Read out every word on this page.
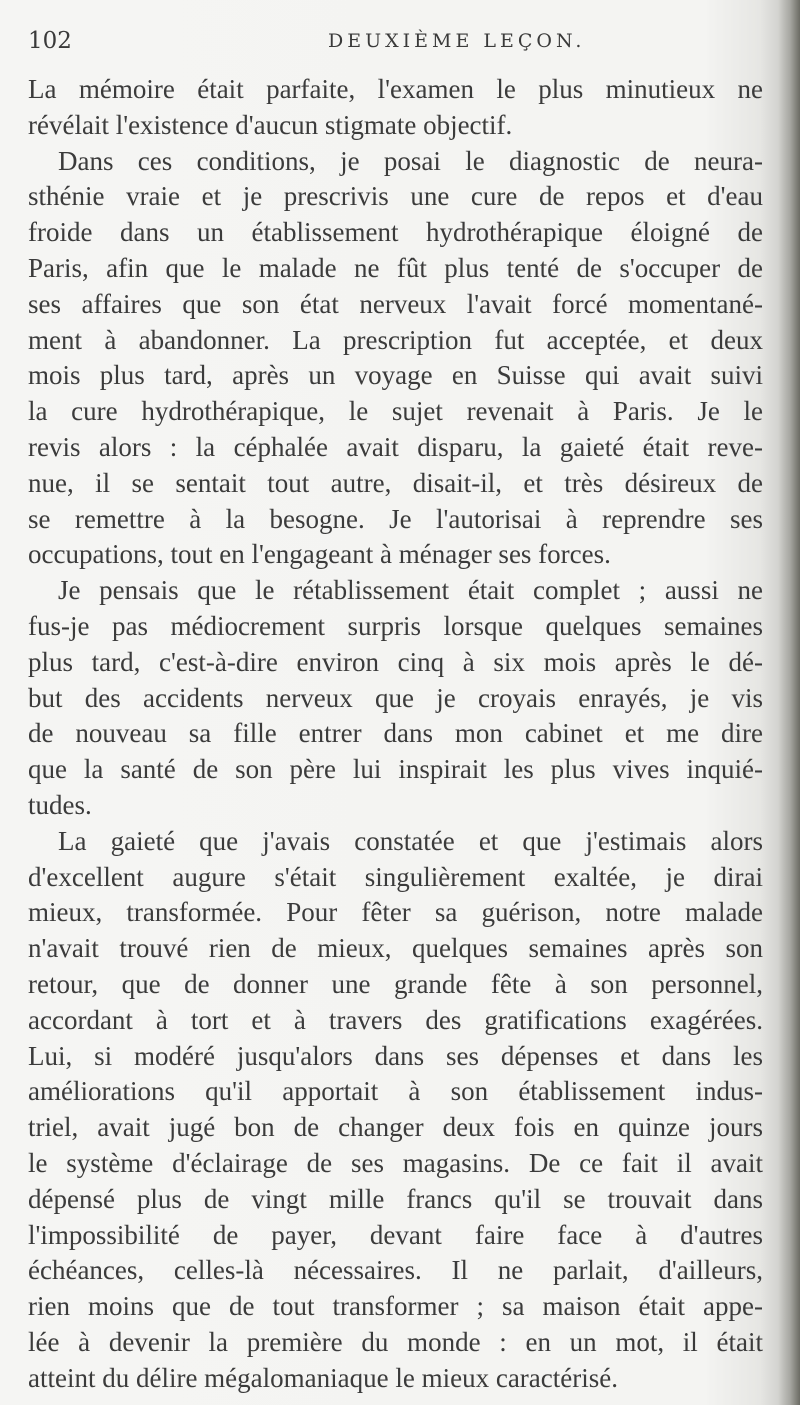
102	DEUXIÈME LEÇON.
La mémoire était parfaite, l'examen le plus minutieux ne
révélait l'existence d'aucun stigmate objectif.
Dans ces conditions, je posai le diagnostic de neura-
sthénie vraie et je prescrivis une cure de repos et d'eau
froide dans un établissement hydrothérapique éloigné de
Paris, afin que le malade ne fût plus tenté de s'occuper de
ses affaires que son état nerveux l'avait forcé momentané-
ment à abandonner. La prescription fut acceptée, et deux
mois plus tard, après un voyage en Suisse qui avait suivi
la cure hydrothérapique, le sujet revenait à Paris. Je le
revis alors : la céphalée avait disparu, la gaieté était reve-
nue, il se sentait tout autre, disait-il, et très désireux de
se remettre à la besogne. Je l'autorisai à reprendre ses
occupations, tout en l'engageant à ménager ses forces.
Je pensais que le rétablissement était complet ; aussi ne
fus-je pas médiocrement surpris lorsque quelques semaines
plus tard, c'est-à-dire environ cinq à six mois après le dé-
but des accidents nerveux que je croyais enrayés, je vis
de nouveau sa fille entrer dans mon cabinet et me dire
que la santé de son père lui inspirait les plus vives inquié-
tudes.
La gaieté que j'avais constatée et que j'estimais alors
d'excellent augure s'était singulièrement exaltée, je dirai
mieux, transformée. Pour fêter sa guérison, notre malade
n'avait trouvé rien de mieux, quelques semaines après son
retour, que de donner une grande fête à son personnel,
accordant à tort et à travers des gratifications exagérées.
Lui, si modéré jusqu'alors dans ses dépenses et dans les
améliorations qu'il apportait à son établissement indus-
triel, avait jugé bon de changer deux fois en quinze jours
le système d'éclairage de ses magasins. De ce fait il avait
dépensé plus de vingt mille francs qu'il se trouvait dans
l'impossibilité de payer, devant faire face à d'autres
échéances, celles-là nécessaires. Il ne parlait, d'ailleurs,
rien moins que de tout transformer ; sa maison était appe-
lée à devenir la première du monde : en un mot, il était
atteint du délire mégalomaniaque le mieux caractérisé.
